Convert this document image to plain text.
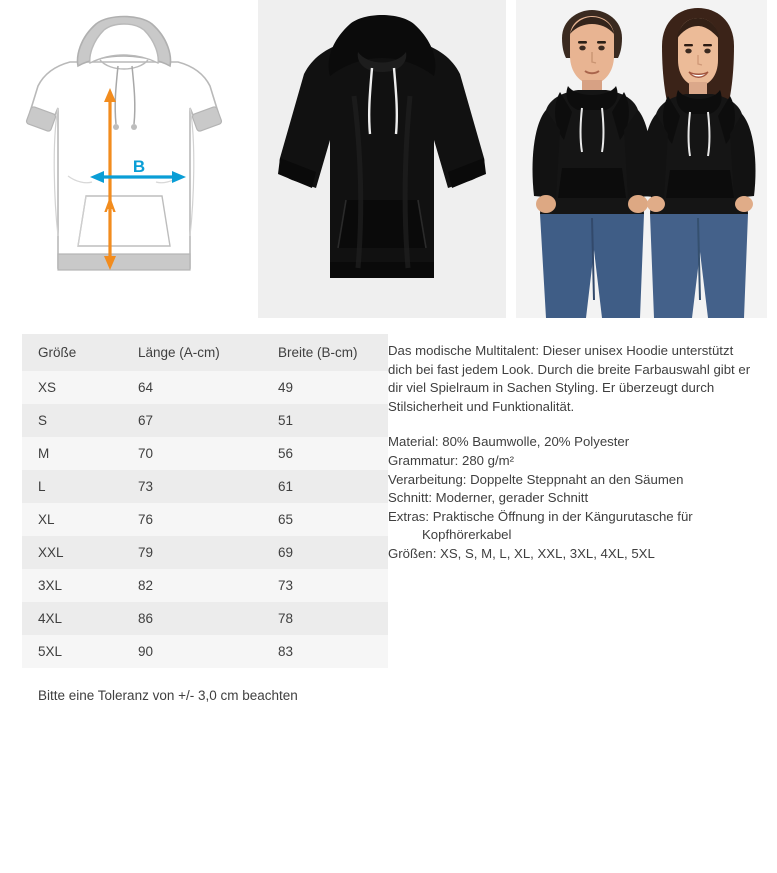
A
B
Größe	Länge (A-cm)	Breite (B-cm)
XS	64	49
S	67	51
M	70	56
L	73	61
XL	76	65
XXL	79	69
3XL	82	73
4XL	86	78
5XL	90	83
Bitte eine Toleranz von +/- 3,0 cm beachten
Das modische Multitalent: Dieser unisex Hoodie unterstützt dich bei fast jedem Look. Durch die breite Farbauswahl gibt er dir viel Spielraum in Sachen Styling. Er überzeugt durch Stilsicherheit und Funktionalität.

Material: 80% Baumwolle, 20% Polyester

Grammatur: 280 g/m²

Verarbeitung: Doppelte Steppnaht an den Säumen

Schnitt: Moderner, gerader Schnitt

Extras: Praktische Öffnung in der Kängurutasche für

Kopfhörerkabel

Größen: XS, S, M, L, XL, XXL, 3XL, 4XL, 5XL
